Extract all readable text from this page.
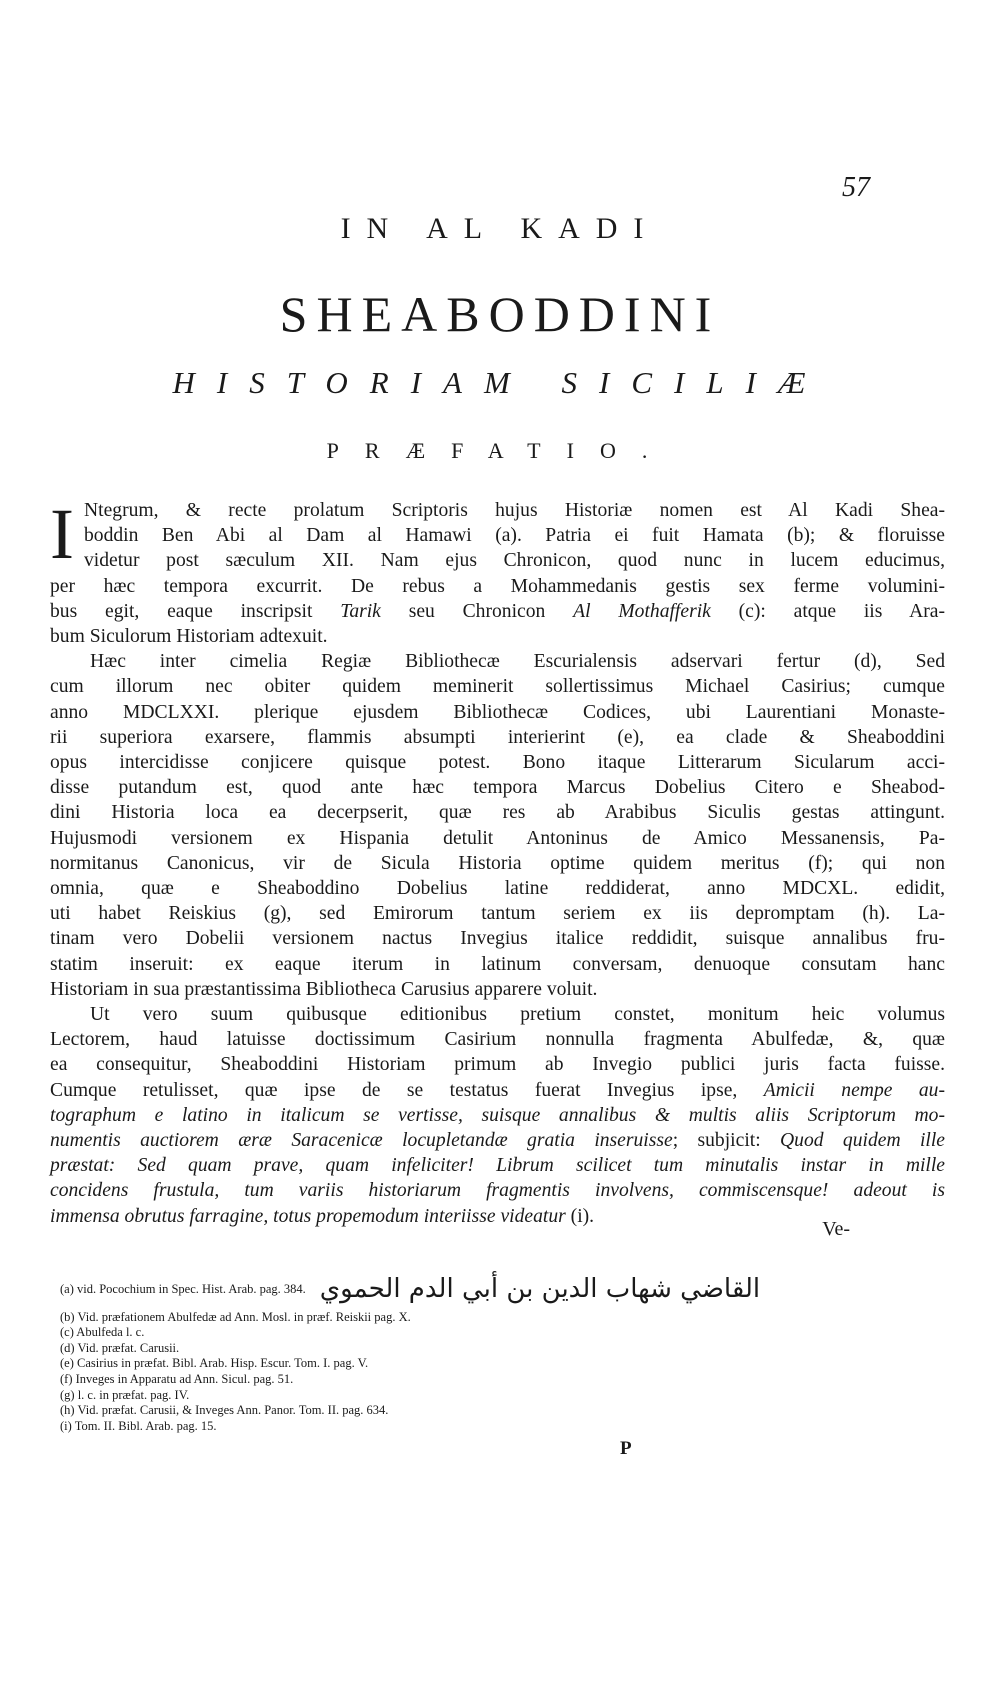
57
IN AL KADI
SHEABODDINI
HISTORIAM SICILIÆ
PRÆFATIO.
I Ntegrum, & recte prolatum Scriptoris hujus Historiæ nomen est Al Kadi Shea-
boddin Ben Abi al Dam al Hamawi (a). Patria ei fuit Hamata (b); & floruisse
videtur post sæculum XII. Nam ejus Chronicon, quod nunc in lucem educimus,
per hæc tempora excurrit. De rebus a Mohammedanis gestis sex ferme volumini-
bus egit, eaque inscripsit Tarik seu Chronicon Al Mothafferik (c): atque iis Ara-
bum Siculorum Historiam adtexuit.
Hæc inter cimelia Regiæ Bibliothecæ Escurialensis adservari fertur (d), Sed
cum illorum nec obiter quidem meminerit sollertissimus Michael Casirius; cumque
anno MDCLXXI. plerique ejusdem Bibliothecæ Codices, ubi Laurentiani Monaste-
rii superiora exarsere, flammis absumpti interierint (e), ea clade & Sheaboddini
opus intercidisse conjicere quisque potest. Bono itaque Litterarum Sicularum acci-
disse putandum est, quod ante hæc tempora Marcus Dobelius Citero e Sheabod-
dini Historia loca ea decerpserit, quæ res ab Arabibus Siculis gestas attingunt.
Hujusmodi versionem ex Hispania detulit Antoninus de Amico Messanensis, Pa-
normitanus Canonicus, vir de Sicula Historia optime quidem meritus (f); qui non
omnia, quæ e Sheaboddino Dobelius latine reddiderat, anno MDCXL. edidit,
uti habet Reiskius (g), sed Emirorum tantum seriem ex iis depromptam (h). La-
tinam vero Dobelii versionem nactus Invegius italice reddidit, suisque annalibus fru-
statim inseruit: ex eaque iterum in latinum conversam, denuoque consutam hanc
Historiam in sua præstantissima Bibliotheca Carusius apparere voluit.
Ut vero suum quibusque editionibus pretium constet, monitum heic volumus
Lectorem, haud latuisse doctissimum Casirium nonnulla fragmenta Abulfedæ, &, quæ
ea consequitur, Sheaboddini Historiam primum ab Invegio publici juris facta fuisse.
Cumque retulisset, quæ ipse de se testatus fuerat Invegius ipse, Amicii nempe au-
tographum e latino in italicum se vertisse, suisque annalibus & multis aliis Scriptorum mo-
numentis auctiorem æræ Saracenicæ locupletandæ gratia inseruisse; subjicit: Quod quidem ille
præstat: Sed quam prave, quam infeliciter! Librum scilicet tum minutalis instar in mille
concidens frustula, tum variis historiarum fragmentis involvens, commiscensque! adeout is
immensa obrutus farragine, totus propemodum interiisse videatur (i).
Ve-
(a) vid. Pocochium in Spec. Hist. Arab. pag. 384. القاضي شهاب الدين بن أبي الدم الحموي
(b) Vid. præfationem Abulfedæ ad Ann. Mosl. in præf. Reiskii pag. X.
(c) Abulfeda l. c.
(d) Vid. præfat. Carusii.
(e) Casirius in præfat. Bibl. Arab. Hisp. Escur. Tom. I. pag. V.
(f) Inveges in Apparatu ad Ann. Sicul. pag. 51.
(g) l. c. in præfat. pag. IV.
(h) Vid. præfat. Carusii, & Inveges Ann. Panor. Tom. II. pag. 634.
(i) Tom. II. Bibl. Arab. pag. 15.
P
